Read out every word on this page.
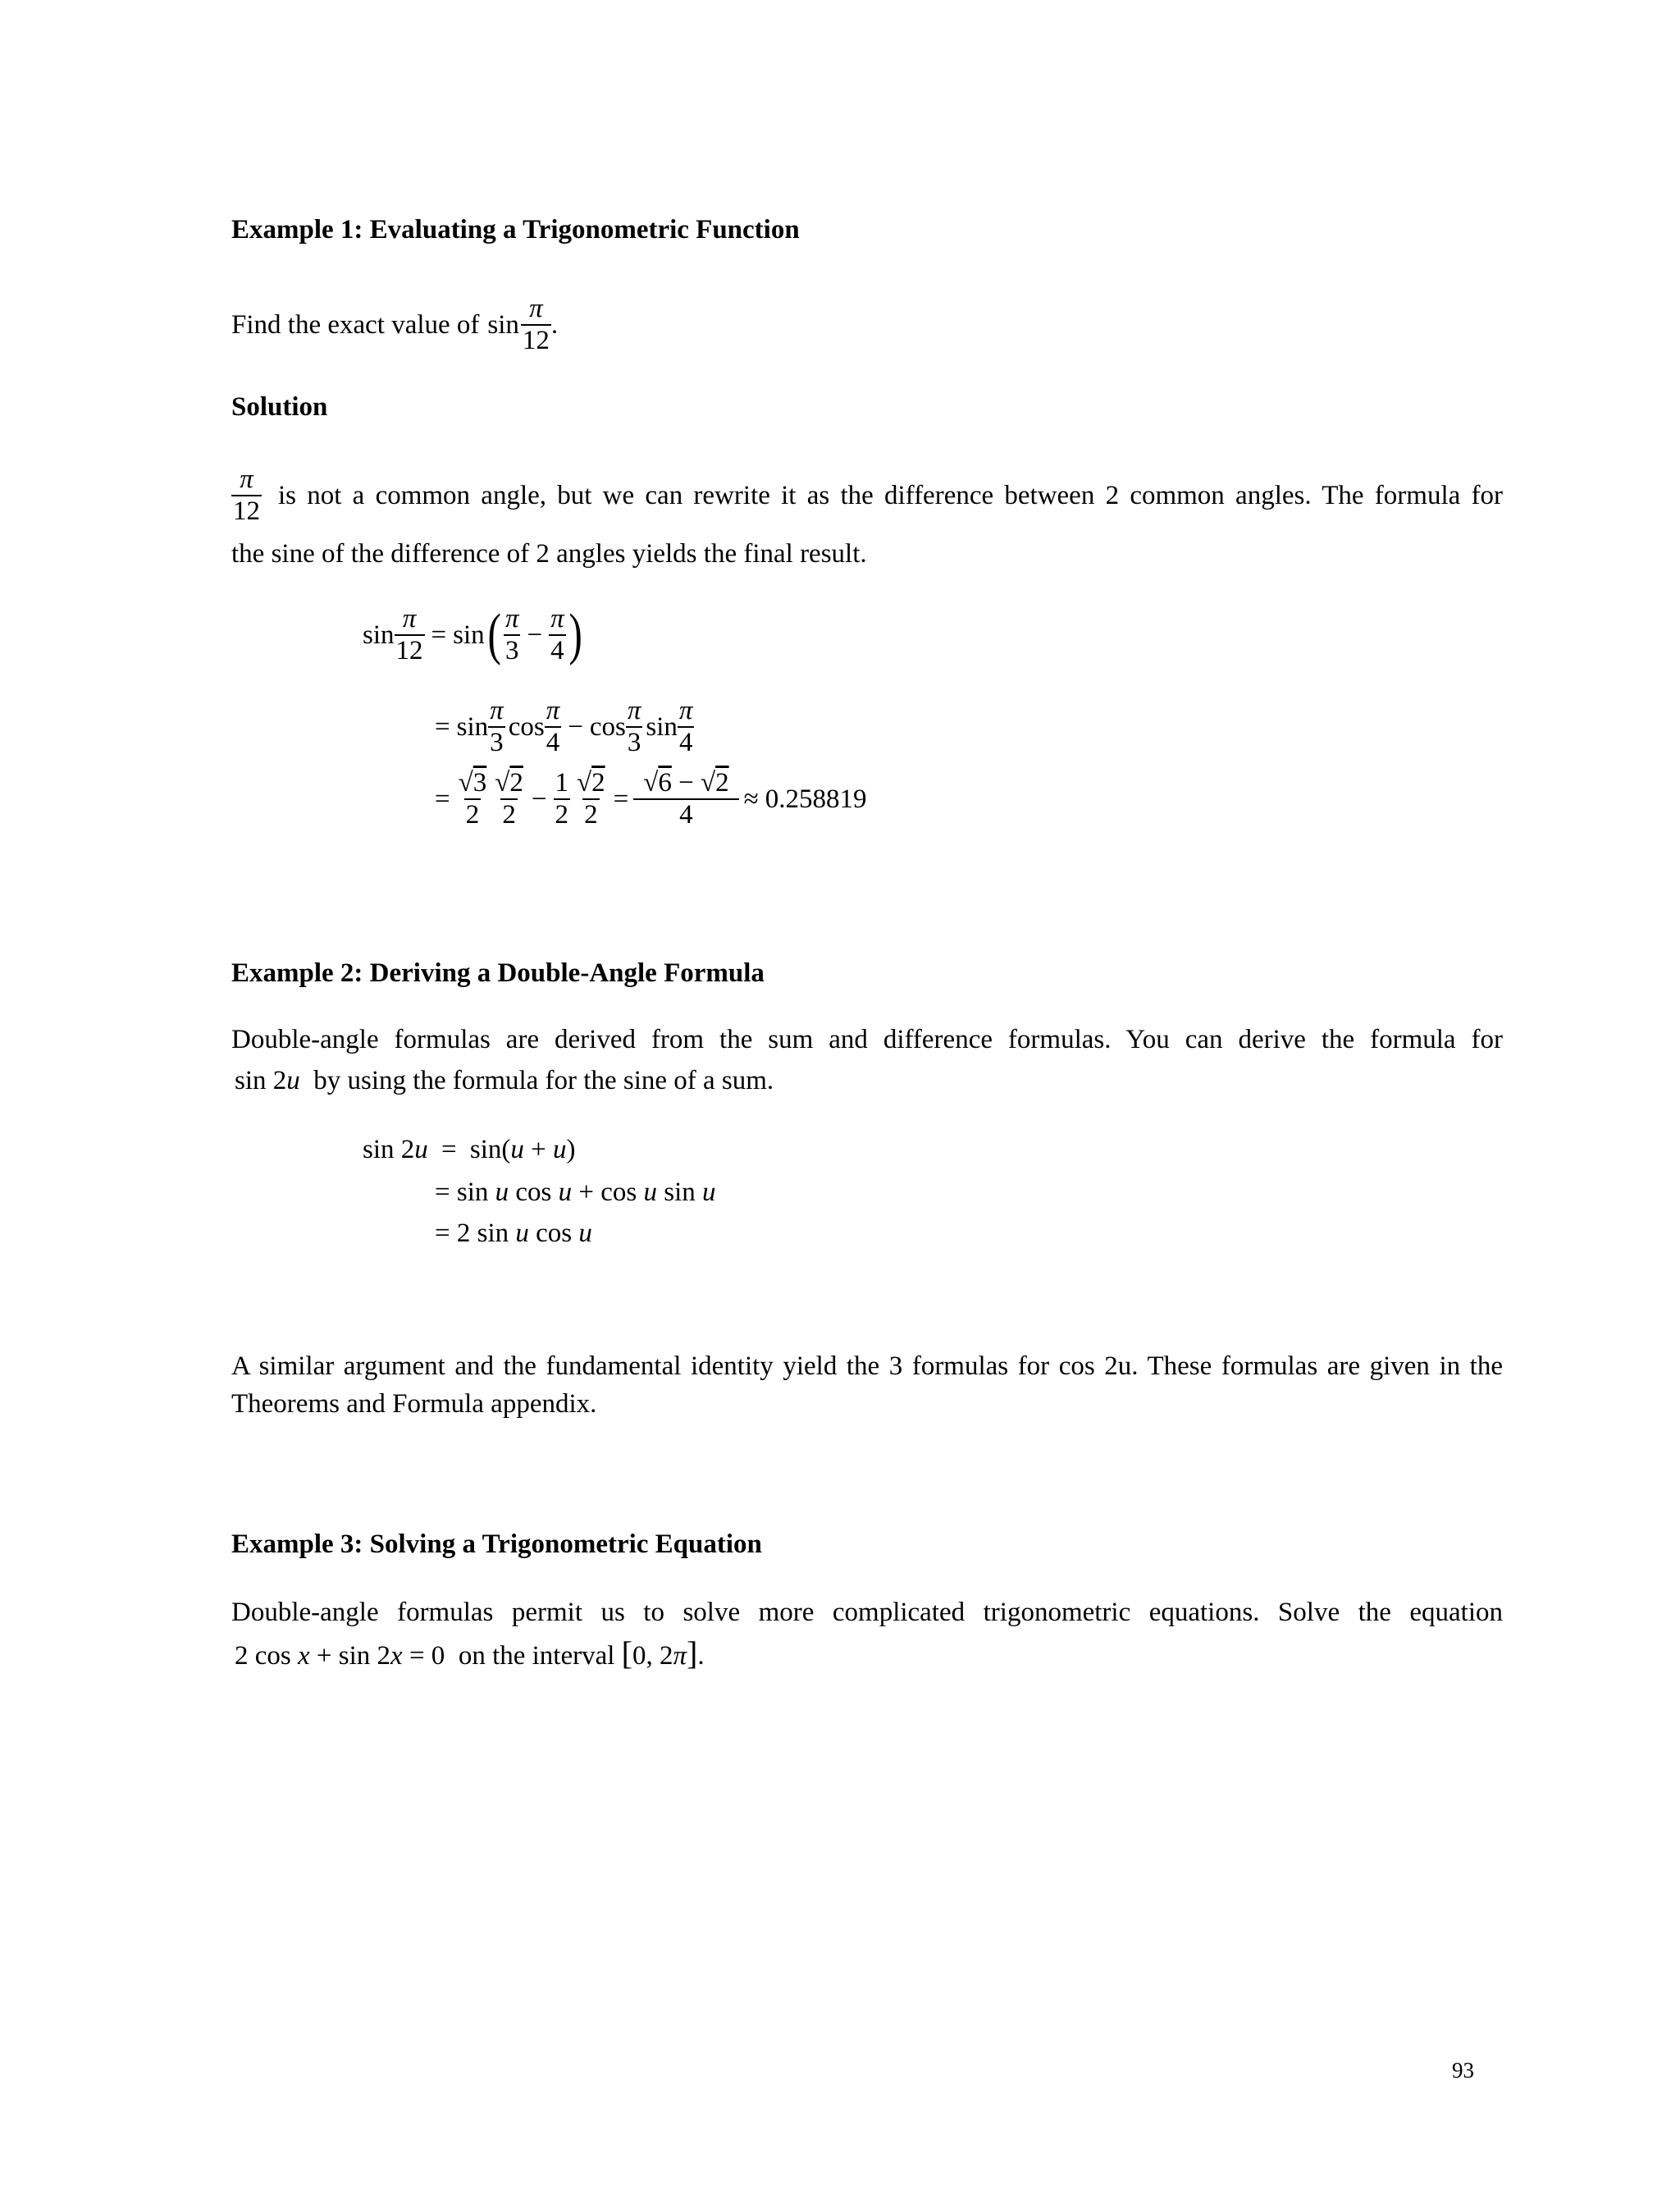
Example 1: Evaluating a Trigonometric Function
Find the exact value of $\sin \frac{\pi}{12}$ .
Solution
$\frac{\pi}{12}$ is not a common angle, but we can rewrite it as the difference between 2 common angles. The formula for
the sine of the difference of 2 angles yields the final result.
$\sin \frac{\pi}{12} = \sin$ ( $\frac{\pi}{3} - \frac{\pi}{4}$ )
= $\sin \frac{\pi}{3}$ $\cos \frac{\pi}{4} - \cos \frac{\pi}{3}$ $\sin \frac{\pi}{4}$
= $\frac{√3}{2} \frac{√2}{2} - \frac{1}{2} \frac{√2}{2} = \frac{√6 - √2}{4} \approx 0.258819$
Example 2: Deriving a Double-Angle Formula
Double-angle formulas are derived from the sum and difference formulas. You can derive the formula for
sin 2u by using the formula for the sine of a sum.
sin 2u = sin(u + u)
= sin u cos u + cos u sin u
= 2 sin u cos u
A similar argument and the fundamental identity yield the 3 formulas for cos 2u. These formulas are given in the Theorems and Formula appendix.
Example 3: Solving a Trigonometric Equation
Double-angle formulas permit us to solve more complicated trigonometric equations. Solve the equation
2 cos x + sin 2x = 0 on the interval [0, 2π].
93
